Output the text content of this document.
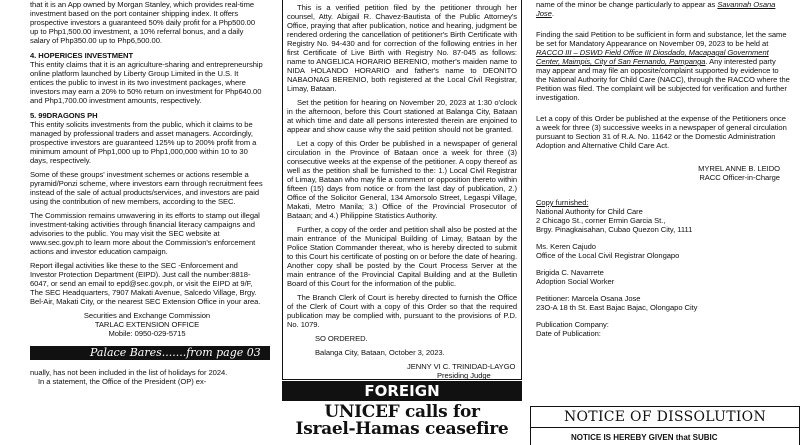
that it is an App owned by Morgan Stanley, which provides real-time investment based on the port container shipping index. It offers prospective investors a guaranteed 50% daily profit for a Php500.00 up to Php1,500.00 investment, a 10% referral bonus, and a daily salary of Php350.00 up to Php6,500.00.

4. HOPERICES INVESTMENT

This entity claims that it is an agriculture-sharing and entrepreneurship online platform launched by Liberty Group Limited in the U.S. It entices the public to invest in its two investment packages, where investors may earn a 20% to 50% return on investment for Php640.00 and Php1,700.00 investment amounts, respectively.

5. 99DRAGONS PH

This entity solicits investments from the public, which it claims to be managed by professional traders and asset managers. Accordingly, prospective investors are guaranteed 125% up to 200% profit from a minimum amount of Php1,000 up to Php1,000,000 within 10 to 30 days, respectively.

Some of these groups' investment schemes or actions resemble a pyramid/Ponzi scheme, where investors earn through recruitment fees instead of the sale of actual products/services, and investors are paid using the contribution of new members, according to the SEC.

The Commission remains unwavering in its efforts to stamp out illegal investment-taking activities through financial literacy campaigns and advisories to the public. You may visit the SEC website at www.sec.gov.ph to learn more about the Commission's enforcement actions and investor education campaign.

Report illegal activities like these to the SEC -Enforcement and Investor Protection Department (EIPD). Just call the number:8818-6047, or send an email to epd@sec.gov.ph, or visit the EIPD at 9/F, The SEC Headquarters, 7907 Makati Avenue, Salcedo Village, Brgy. Bel-Air, Makati City, or the nearest SEC Extension Office in your area.

Securities and Exchange Commission
TARLAC EXTENSION OFFICE
Mobile: 0950-029-5715
Palace Bares.......from page 03
nually, has not been included in the list of holidays for 2024.
In a statement, the Office of the President (OP) ex-

This is a verified petition filed by the petitioner through her counsel, Atty. Abigail R. Chavez-Bautista of the Public Attorney's Office, praying that after publication, notice and hearing, judgment be rendered ordering the cancellation of petitioner's Birth Certificate with Registry No. 94-430 and for correction of the following entries in her first Certificate of Live Birth with Registry No. 87-045 as follows: name to ANGELICA HORARIO BERENIO, mother's maiden name to NIDA HOLANDO HORARIO and father's name to DEONITO NABAONAG BERENIO, both registered at the Local Civil Registrar, Limay, Bataan.

Set the petition for hearing on November 20, 2023 at 1:30 o'clock in the afternoon, before this Court stationed at Balanga City, Bataan at which time and date all persons interested therein are enjoined to appear and show cause why the said petition should not be granted.

Let a copy of this Order be published in a newspaper of general circulation in the Province of Bataan once a week for three (3) consecutive weeks at the expense of the petitioner. A copy thereof as well as the petition shall be furnished to the: 1.) Local Civil Registrar of Limay, Bataan who may file a comment or opposition thereto within fifteen (15) days from notice or from the last day of publication, 2.) Office of the Solicitor General, 134 Amorsolo Street, Legaspi Village, Makati, Metro Manila; 3.) Office of the Provincial Prosecutor of Bataan; and 4.) Philippine Statistics Authority.

Further, a copy of the order and petition shall also be posted at the main entrance of the Municipal Building of Limay, Bataan by the Police Station Commander thereat, who is hereby directed to submit to this Court his certificate of posting on or before the date of hearing. Another copy shall be posted by the Court Process Server at the main entrance of the Provincial Capital Building and at the Bulletin Board of this Court for the information of the public.

The Branch Clerk of Court is hereby directed to furnish the Office of the Clerk of Court with a copy of this Order so that the required publication may be complied with, pursuant to the provisions of P.D. No. 1079.

SO ORDERED.

Balanga City, Bataan, October 3, 2023.

JENNY VI C. TRINIDAD-LAYGO
Presiding Judge
FOREIGN
UNICEF calls for
Israel-Hamas ceasefire

name of the minor be change particularly to appear as Savannah Osana Jose.

Finding the said Petition to be sufficient in form and substance, let the same be set for Mandatory Appearance on November 09, 2023 to be held at RACCO III – DSWD Field Office III Diosdado, Macapagal Government Center, Maimpis, City of San Fernando, Pampanga. Any interested party may appear and may file an opposite/complaint supported by evidence to the National Authority for Child Care (NACC), through the RACCO where the Petition was filed. The complaint will be subjected for verification and further investigation.

Let a copy of this Order be published at the expense of the Petitioners once a week for three (3) successive weeks in a newspaper of general circulation pursuant to Section 31 of R.A. No. 11642 or the Domestic Administration Adoption and Alternative Child Care Act.

MYREL ANNE B. LEIDO
RACC Officer-in-Charge
Copy furnished:
National Authority for Child Care
2 Chicago St., corner Ermin Garcia St.,
Brgy. Pinagkaisahan, Cubao Quezon City, 1111
Ms. Keren Cajudo
Office of the Local Civil Registrar Olongapo
Brigida C. Navarrete
Adoption Social Worker
Petitioner: Marcela Osana Jose
23O-A 18 th St. East Bajac Bajac, Olongapo City
Publication Company:
Date of Publication:
NOTICE OF DISSOLUTION
NOTICE IS HEREBY GIVEN that SUBIC
